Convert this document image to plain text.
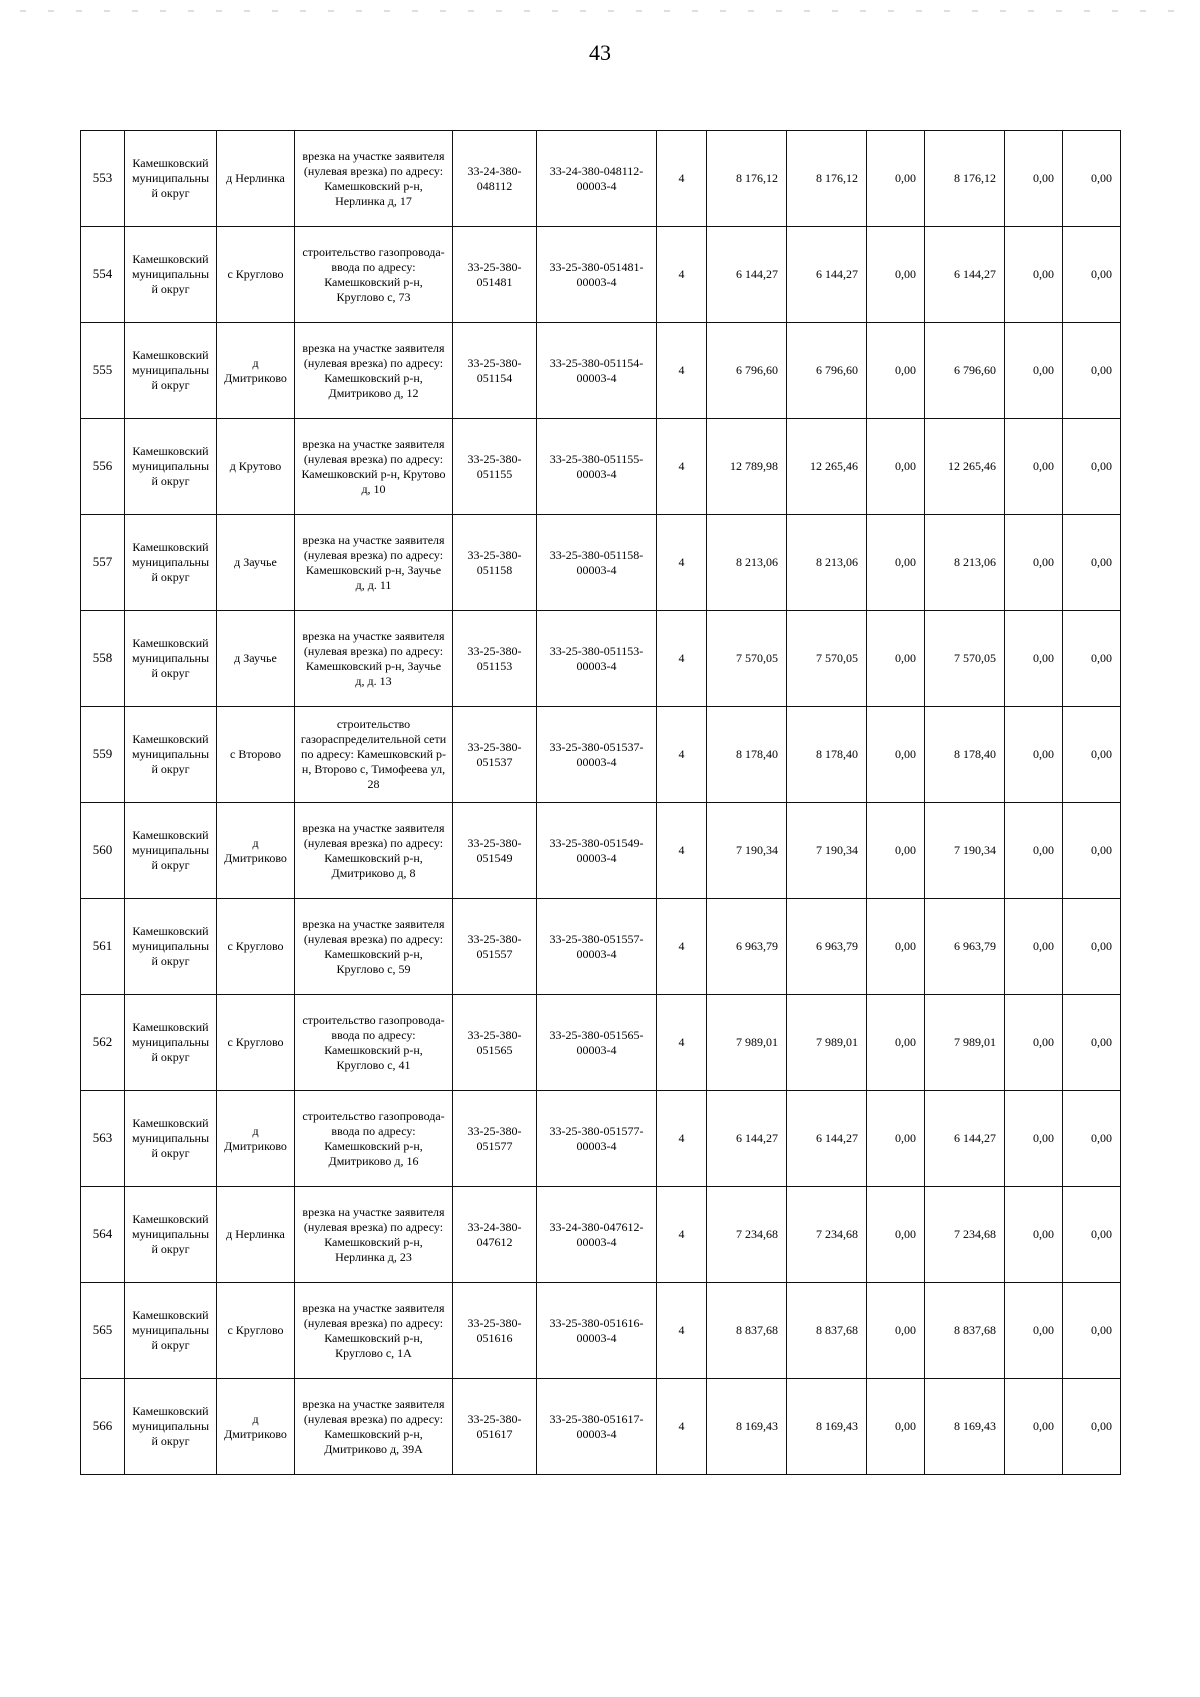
43
553	Камешковский муниципальный округ	д Нерлинка	врезка на участке заявителя (нулевая врезка) по адресу: Камешковский р-н, Нерлинка д, 17	33-24-380-048112	33-24-380-048112-00003-4	4	8 176,12	8 176,12	0,00	8 176,12	0,00	0,00
554	Камешковский муниципальный округ	с Круглово	строительство газопровода-ввода по адресу: Камешковский р-н, Круглово с, 73	33-25-380-051481	33-25-380-051481-00003-4	4	6 144,27	6 144,27	0,00	6 144,27	0,00	0,00
555	Камешковский муниципальный округ	д Дмитриково	врезка на участке заявителя (нулевая врезка) по адресу: Камешковский р-н, Дмитриково д, 12	33-25-380-051154	33-25-380-051154-00003-4	4	6 796,60	6 796,60	0,00	6 796,60	0,00	0,00
556	Камешковский муниципальный округ	д Крутово	врезка на участке заявителя (нулевая врезка) по адресу: Камешковский р-н, Крутово д, 10	33-25-380-051155	33-25-380-051155-00003-4	4	12 789,98	12 265,46	0,00	12 265,46	0,00	0,00
557	Камешковский муниципальный округ	д Заучье	врезка на участке заявителя (нулевая врезка) по адресу: Камешковский р-н, Заучье д, д. 11	33-25-380-051158	33-25-380-051158-00003-4	4	8 213,06	8 213,06	0,00	8 213,06	0,00	0,00
558	Камешковский муниципальный округ	д Заучье	врезка на участке заявителя (нулевая врезка) по адресу: Камешковский р-н, Заучье д, д. 13	33-25-380-051153	33-25-380-051153-00003-4	4	7 570,05	7 570,05	0,00	7 570,05	0,00	0,00
559	Камешковский муниципальный округ	с Второво	строительство газораспределительной сети по адресу: Камешковский р-н, Второво с, Тимофеева ул, 28	33-25-380-051537	33-25-380-051537-00003-4	4	8 178,40	8 178,40	0,00	8 178,40	0,00	0,00
560	Камешковский муниципальный округ	д Дмитриково	врезка на участке заявителя (нулевая врезка) по адресу: Камешковский р-н, Дмитриково д, 8	33-25-380-051549	33-25-380-051549-00003-4	4	7 190,34	7 190,34	0,00	7 190,34	0,00	0,00
561	Камешковский муниципальный округ	с Круглово	врезка на участке заявителя (нулевая врезка) по адресу: Камешковский р-н, Круглово с, 59	33-25-380-051557	33-25-380-051557-00003-4	4	6 963,79	6 963,79	0,00	6 963,79	0,00	0,00
562	Камешковский муниципальный округ	с Круглово	строительство газопровода-ввода по адресу: Камешковский р-н, Круглово с, 41	33-25-380-051565	33-25-380-051565-00003-4	4	7 989,01	7 989,01	0,00	7 989,01	0,00	0,00
563	Камешковский муниципальный округ	д Дмитриково	строительство газопровода-ввода по адресу: Камешковский р-н, Дмитриково д, 16	33-25-380-051577	33-25-380-051577-00003-4	4	6 144,27	6 144,27	0,00	6 144,27	0,00	0,00
564	Камешковский муниципальный округ	д Нерлинка	врезка на участке заявителя (нулевая врезка) по адресу: Камешковский р-н, Нерлинка д, 23	33-24-380-047612	33-24-380-047612-00003-4	4	7 234,68	7 234,68	0,00	7 234,68	0,00	0,00
565	Камешковский муниципальный округ	с Круглово	врезка на участке заявителя (нулевая врезка) по адресу: Камешковский р-н, Круглово с, 1А	33-25-380-051616	33-25-380-051616-00003-4	4	8 837,68	8 837,68	0,00	8 837,68	0,00	0,00
566	Камешковский муниципальный округ	д Дмитриково	врезка на участке заявителя (нулевая врезка) по адресу: Камешковский р-н, Дмитриково д, 39А	33-25-380-051617	33-25-380-051617-00003-4	4	8 169,43	8 169,43	0,00	8 169,43	0,00	0,00
